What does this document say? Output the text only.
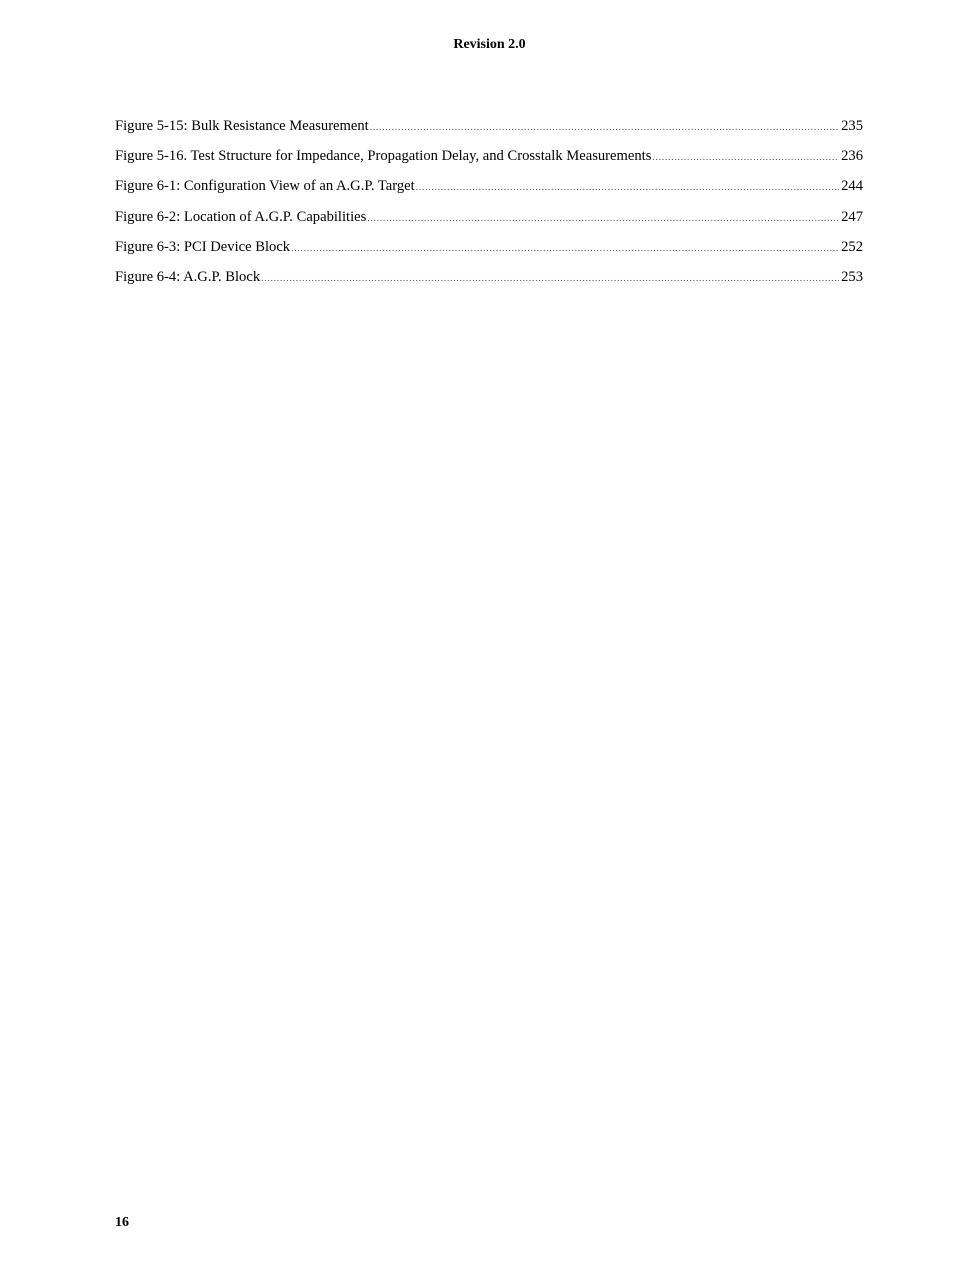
Revision 2.0
Figure 5-15: Bulk Resistance Measurement .....	235
Figure 5-16. Test Structure for Impedance, Propagation Delay, and Crosstalk Measurements .....	236
Figure 6-1: Configuration View of an A.G.P. Target .....	244
Figure 6-2: Location of A.G.P. Capabilities .....	247
Figure 6-3: PCI Device Block .....	252
Figure 6-4: A.G.P. Block .....	253
16
